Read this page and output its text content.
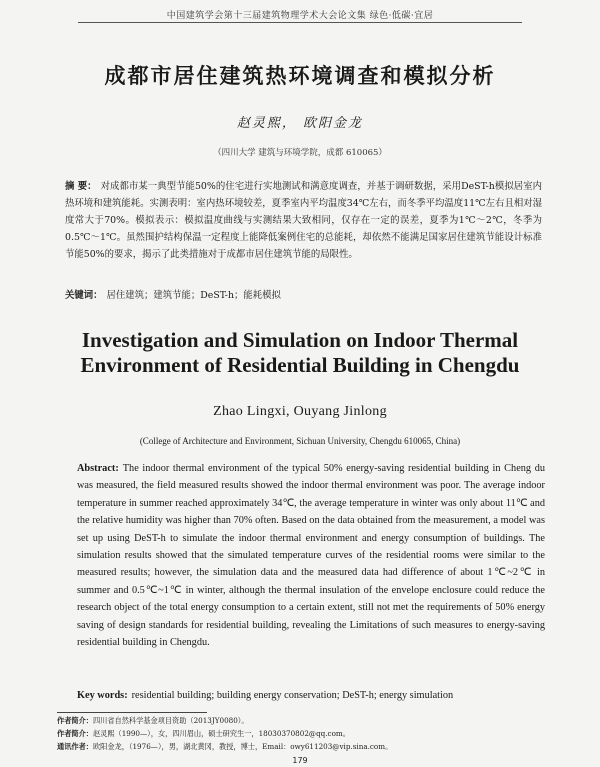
中国建筑学会第十三届建筑物理学术大会论文集 绿色·低碳·宜居
成都市居住建筑热环境调查和模拟分析
赵灵熙， 欧阳金龙
（四川大学 建筑与环境学院，成都 610065）
摘 要： 对成都市某一典型节能50%的住宅进行实地测试和满意度调查，并基于调研数据，采用DeST-h模拟居室内热环境和建筑能耗。实测表明：室内热环境较差，夏季室内平均温度34℃左右，而冬季平均温度11℃左右且相对湿度常大于70%。模拟表示：模拟温度曲线与实测结果大致相同，仅存在一定的误差，夏季为1℃～2℃，冬季为0.5℃～1℃。虽然围护结构保温一定程度上能降低案例住宅的总能耗，却依然不能满足国家居住建筑节能设计标准节能50%的要求，揭示了此类措施对于成都市居住建筑节能的局限性。
关键词： 居住建筑；建筑节能；DeST-h；能耗模拟
Investigation and Simulation on Indoor Thermal
Environment of Residential Building in Chengdu
Zhao Lingxi, Ouyang Jinlong
(College of Architecture and Environment, Sichuan University, Chengdu 610065, China)
Abstract: The indoor thermal environment of the typical 50% energy-saving residential building in Cheng du was measured, the field measured results showed the indoor thermal environment was poor. The average indoor temperature in summer reached approximately 34℃, the average temperature in winter was only about 11℃ and the relative humidity was higher than 70% often. Based on the data obtained from the measurement, a model was set up using DeST-h to simulate the indoor thermal environment and energy consumption of buildings. The simulation results showed that the simulated temperature curves of the residential rooms were similar to the measured results; however, the simulation data and the measured data had difference of about 1℃~2℃ in summer and 0.5℃~1℃ in winter, although the thermal insulation of the envelope enclosure could reduce the research object of the total energy consumption to a certain extent, still not met the requirements of 50% energy saving of design standards for residential building, revealing the Limitations of such measures to energy-saving residential building in Chengdu.
Key words: residential building; building energy conservation; DeST-h; energy simulation
作者简介：四川省自然科学基金项目资助（2013JY0080）。
作者简介：赵灵熙（1990—），女，四川眉山，硕士研究生一，18030370802@qq.com。
通讯作者：欧阳金龙，（1976—），男，湖北黄冈，教授，博士，Email：owy611203@vip.sina.com。
179
